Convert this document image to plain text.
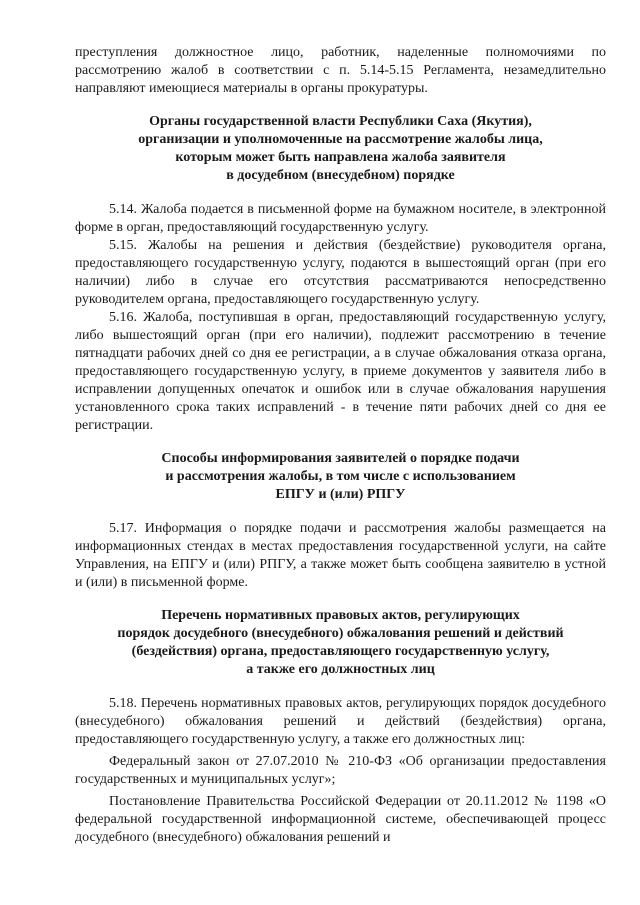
преступления должностное лицо, работник, наделенные полномочиями по рассмотрению жалоб в соответствии с п. 5.14-5.15 Регламента, незамедлительно направляют имеющиеся материалы в органы прокуратуры.

Органы государственной власти Республики Саха (Якутия),
организации и уполномоченные на рассмотрение жалобы лица,
которым может быть направлена жалоба заявителя
в досудебном (внесудебном) порядке

5.14. Жалоба подается в письменной форме на бумажном носителе, в электронной форме в орган, предоставляющий государственную услугу.

5.15. Жалобы на решения и действия (бездействие) руководителя органа, предоставляющего государственную услугу, подаются в вышестоящий орган (при его наличии) либо в случае его отсутствия рассматриваются непосредственно руководителем органа, предоставляющего государственную услугу.

5.16. Жалоба, поступившая в орган, предоставляющий государственную услугу, либо вышестоящий орган (при его наличии), подлежит рассмотрению в течение пятнадцати рабочих дней со дня ее регистрации, а в случае обжалования отказа органа, предоставляющего государственную услугу, в приеме документов у заявителя либо в исправлении допущенных опечаток и ошибок или в случае обжалования нарушения установленного срока таких исправлений - в течение пяти рабочих дней со дня ее регистрации.

Способы информирования заявителей о порядке подачи
и рассмотрения жалобы, в том числе с использованием
ЕПГУ и (или) РПГУ

5.17. Информация о порядке подачи и рассмотрения жалобы размещается на информационных стендах в местах предоставления государственной услуги, на сайте Управления, на ЕПГУ и (или) РПГУ, а также может быть сообщена заявителю в устной и (или) в письменной форме.

Перечень нормативных правовых актов, регулирующих
порядок досудебного (внесудебного) обжалования решений и действий
(бездействия) органа, предоставляющего государственную услугу,
а также его должностных лиц

5.18. Перечень нормативных правовых актов, регулирующих порядок досудебного (внесудебного) обжалования решений и действий (бездействия) органа, предоставляющего государственную услугу, а также его должностных лиц:

Федеральный закон от 27.07.2010 № 210-ФЗ «Об организации предоставления государственных и муниципальных услуг»;

Постановление Правительства Российской Федерации от 20.11.2012 № 1198 «О федеральной государственной информационной системе, обеспечивающей процесс досудебного (внесудебного) обжалования решений и
